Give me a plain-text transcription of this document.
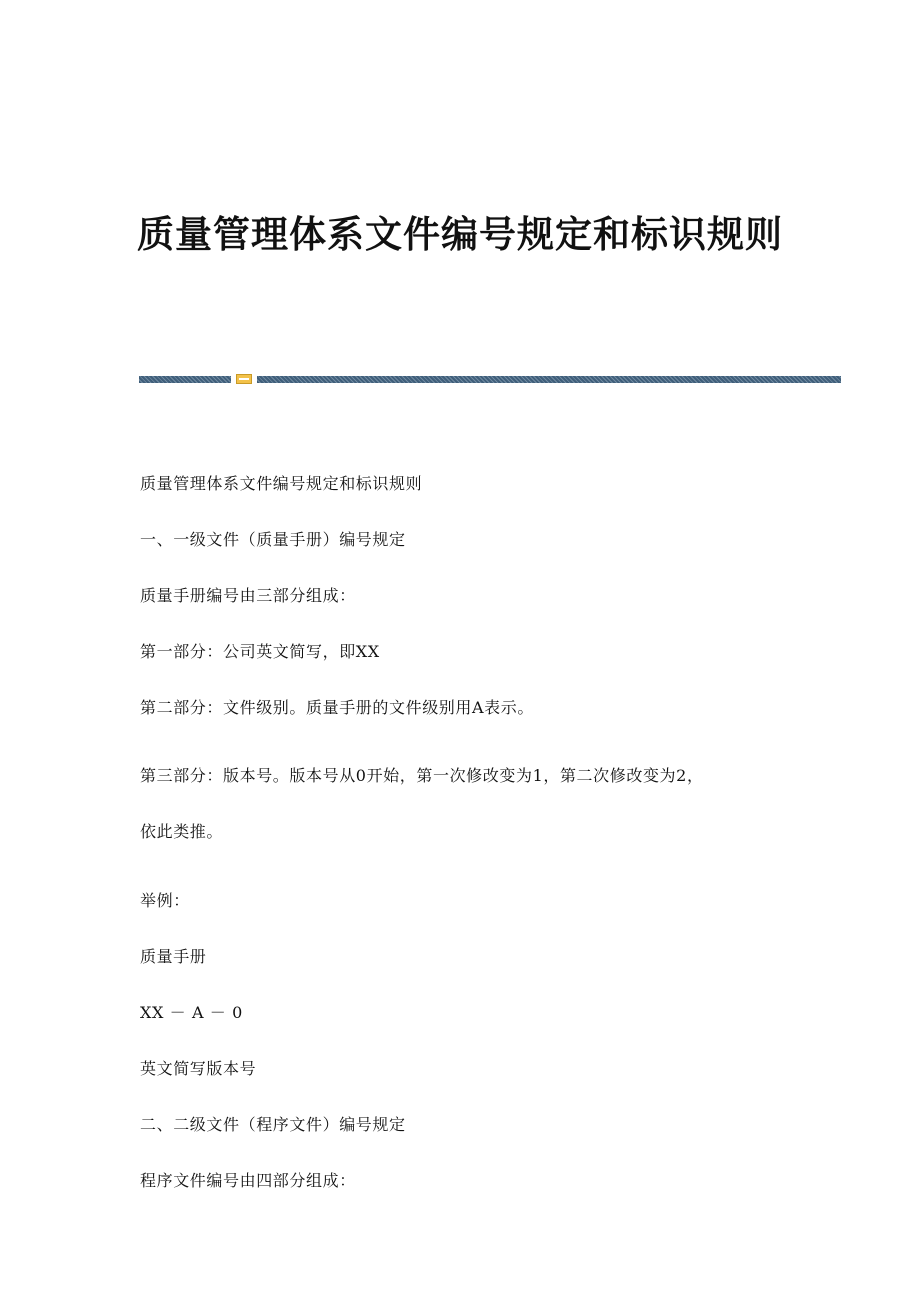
质量管理体系文件编号规定和标识规则
质量管理体系文件编号规定和标识规则
一、一级文件（质量手册）编号规定
质量手册编号由三部分组成：
第一部分：公司英文简写，即XX
第二部分：文件级别。质量手册的文件级别用A表示。
第三部分：版本号。版本号从0开始，第一次修改变为1，第二次修改变为2，
依此类推。
举例：
质量手册
XX － A － 0
英文简写版本号
二、二级文件（程序文件）编号规定
程序文件编号由四部分组成：
